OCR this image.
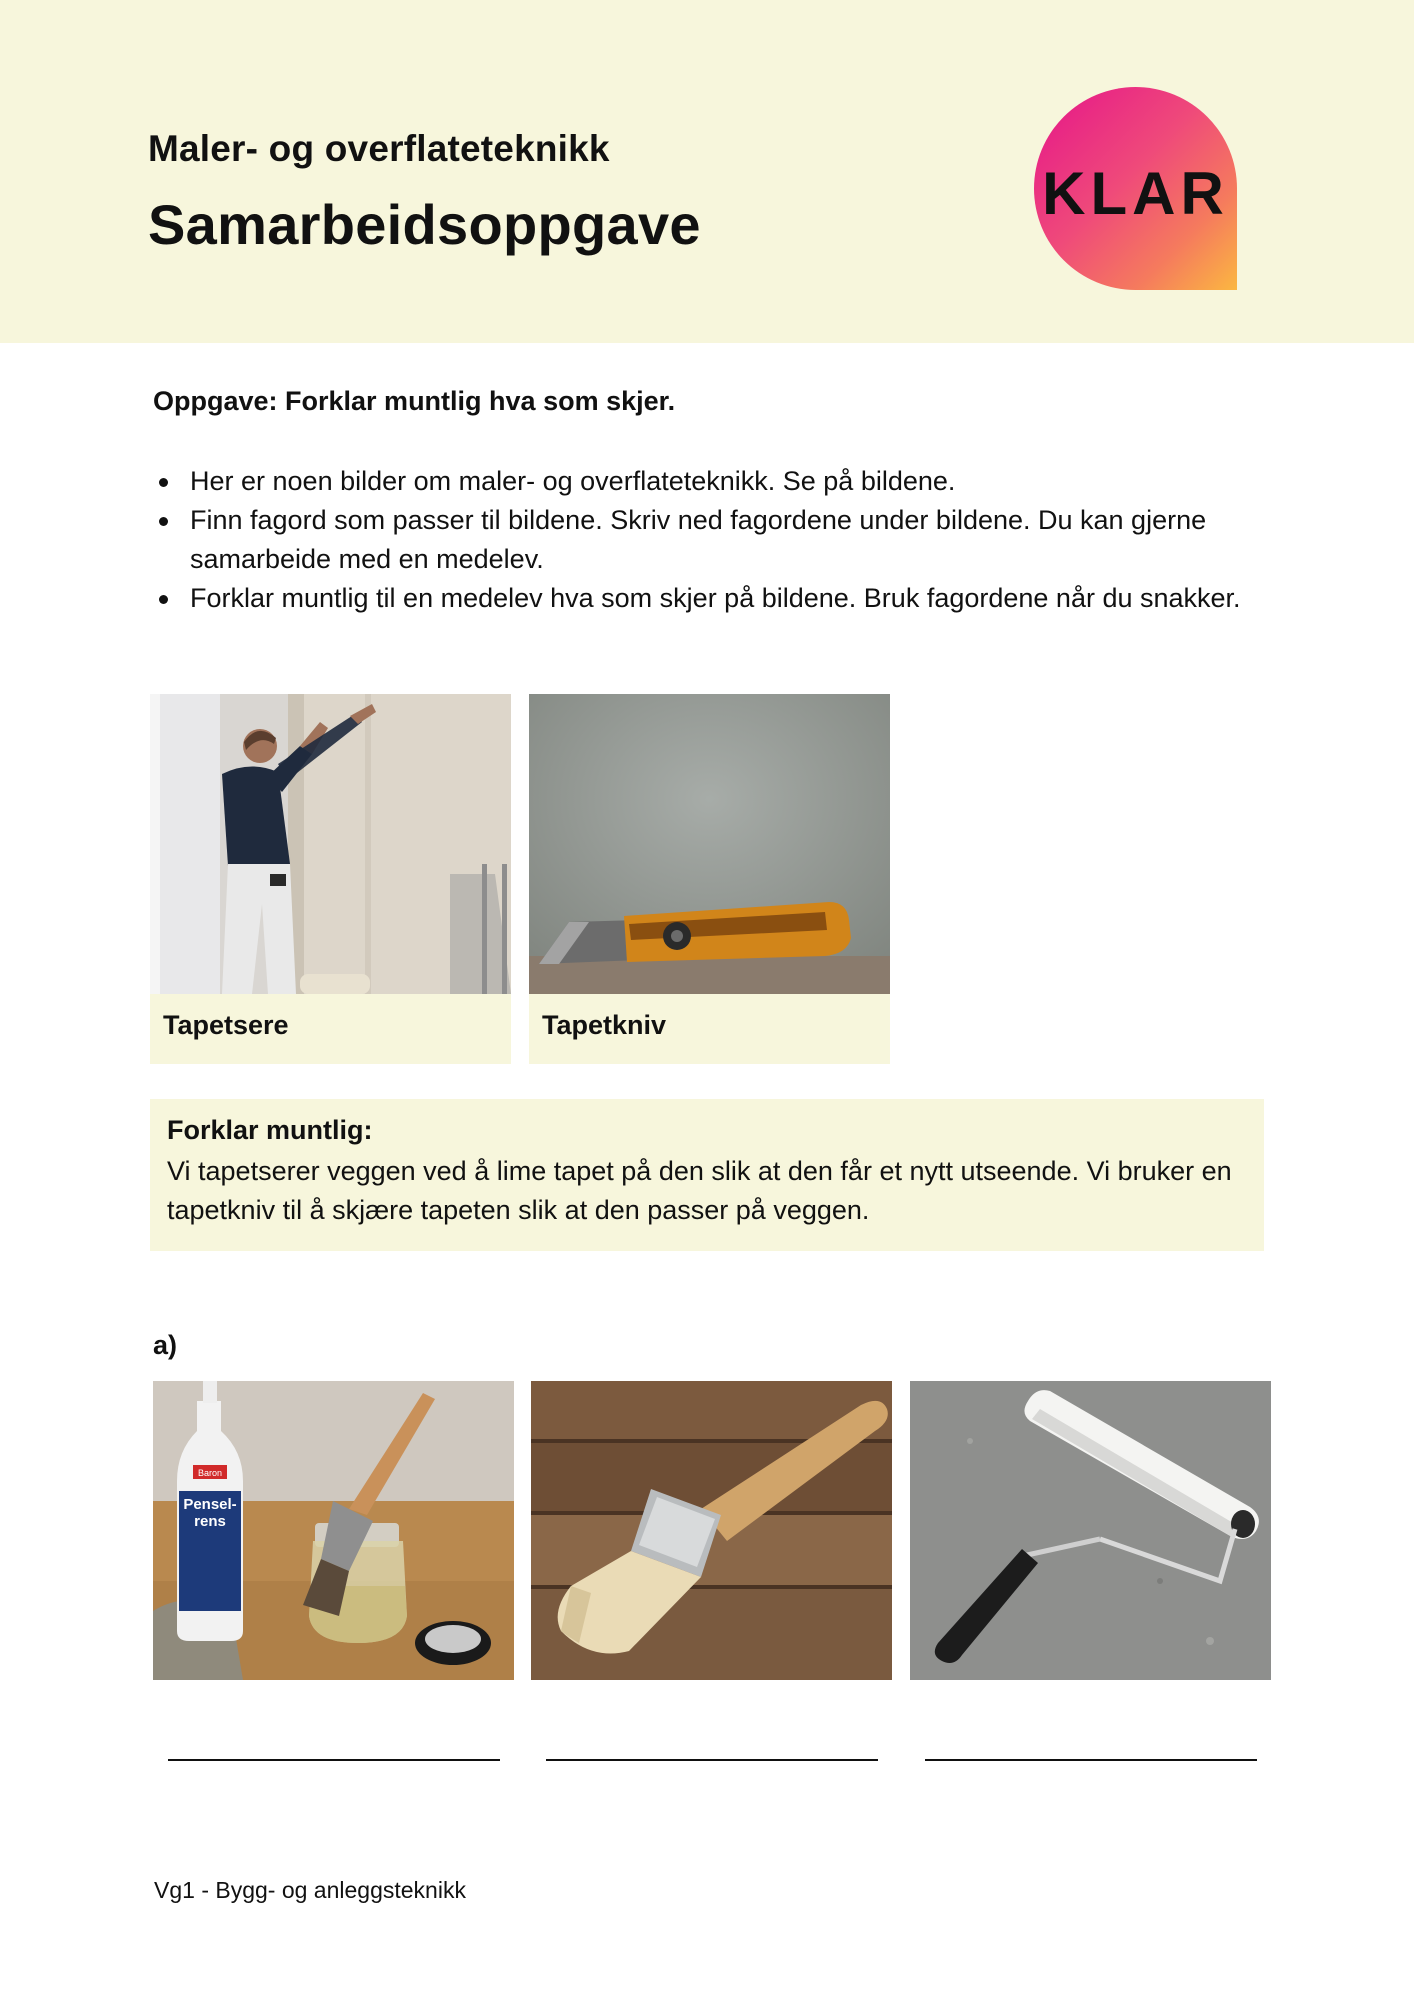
Maler- og overflateteknikk
Samarbeidsoppgave	KLAR
Oppgave: Forklar muntlig hva som skjer.
Her er noen bilder om maler- og overflateteknikk. Se på bildene.
Finn fagord som passer til bildene. Skriv ned fagordene under bildene. Du kan gjerne samarbeide med en medelev.
Forklar muntlig til en medelev hva som skjer på bildene. Bruk fagordene når du snakker.
Tapetsere	Tapetkniv
Forklar muntlig:
Vi tapetserer veggen ved å lime tapet på den slik at den får et nytt utseende. Vi bruker en tapetkniv til å skjære tapeten slik at den passer på veggen.
a)
Baron
Pensel-
rens
Vg1 - Bygg- og anleggsteknikk
